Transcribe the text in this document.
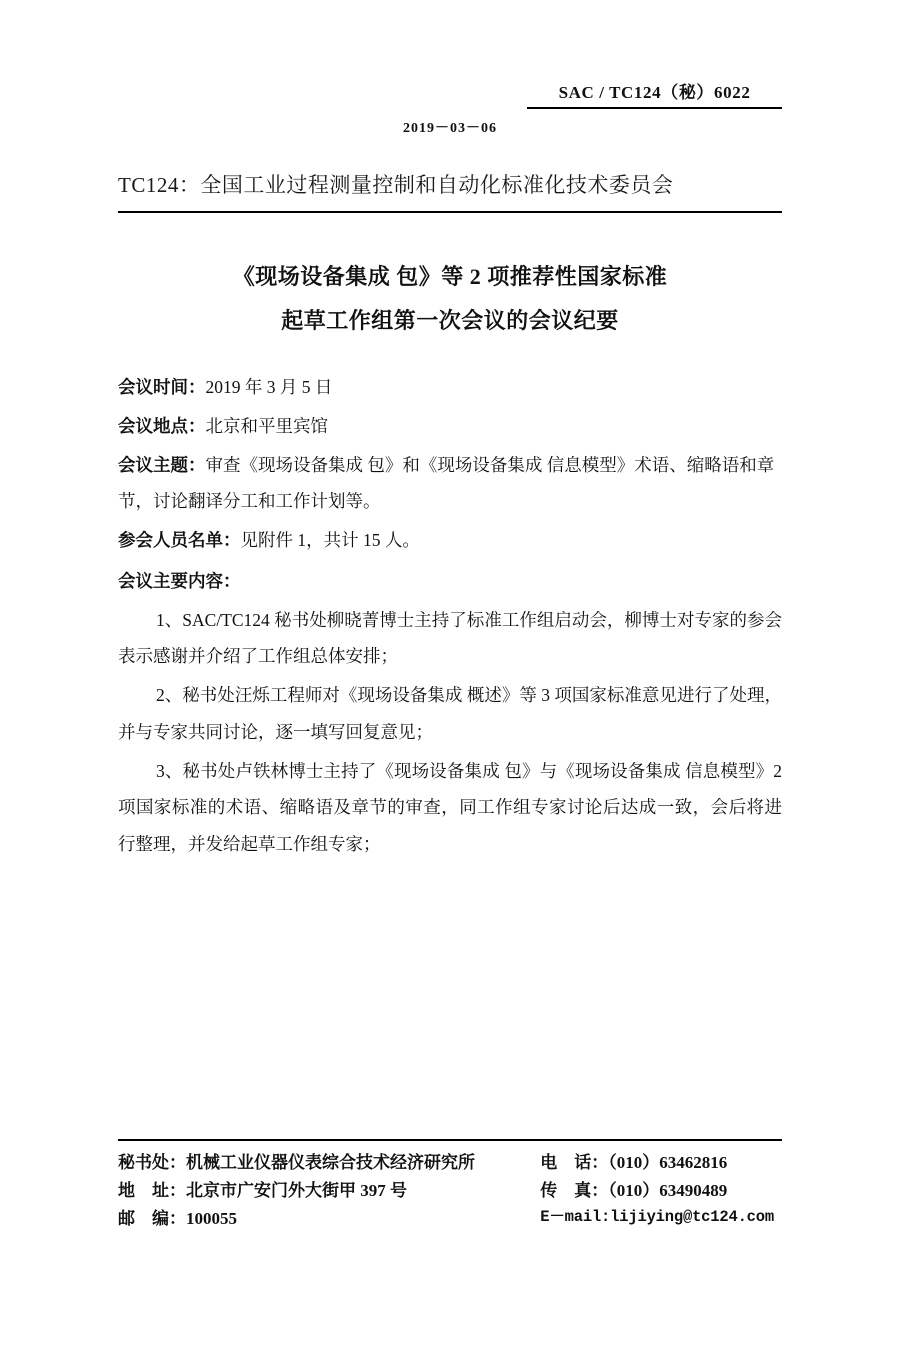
SAC / TC124（秘）6022
2019－03－06
TC124：全国工业过程测量控制和自动化标准化技术委员会
《现场设备集成 包》等 2 项推荐性国家标准
起草工作组第一次会议的会议纪要
会议时间：2019 年 3 月 5 日
会议地点：北京和平里宾馆
会议主题：审查《现场设备集成 包》和《现场设备集成 信息模型》术语、缩略语和章节，讨论翻译分工和工作计划等。
参会人员名单：见附件 1，共计 15 人。
会议主要内容：
1、SAC/TC124 秘书处柳晓菁博士主持了标准工作组启动会，柳博士对专家的参会表示感谢并介绍了工作组总体安排；
2、秘书处汪烁工程师对《现场设备集成 概述》等 3 项国家标准意见进行了处理，并与专家共同讨论，逐一填写回复意见；
3、秘书处卢铁林博士主持了《现场设备集成 包》与《现场设备集成 信息模型》2 项国家标准的术语、缩略语及章节的审查，同工作组专家讨论后达成一致，会后将进行整理，并发给起草工作组专家；
秘书处：机械工业仪器仪表综合技术经济研究所
地　址：北京市广安门外大街甲 397 号
邮　编：100055
电　话：（010）63462816
传　真：（010）63490489
E－mail:lijiying@tc124.com
